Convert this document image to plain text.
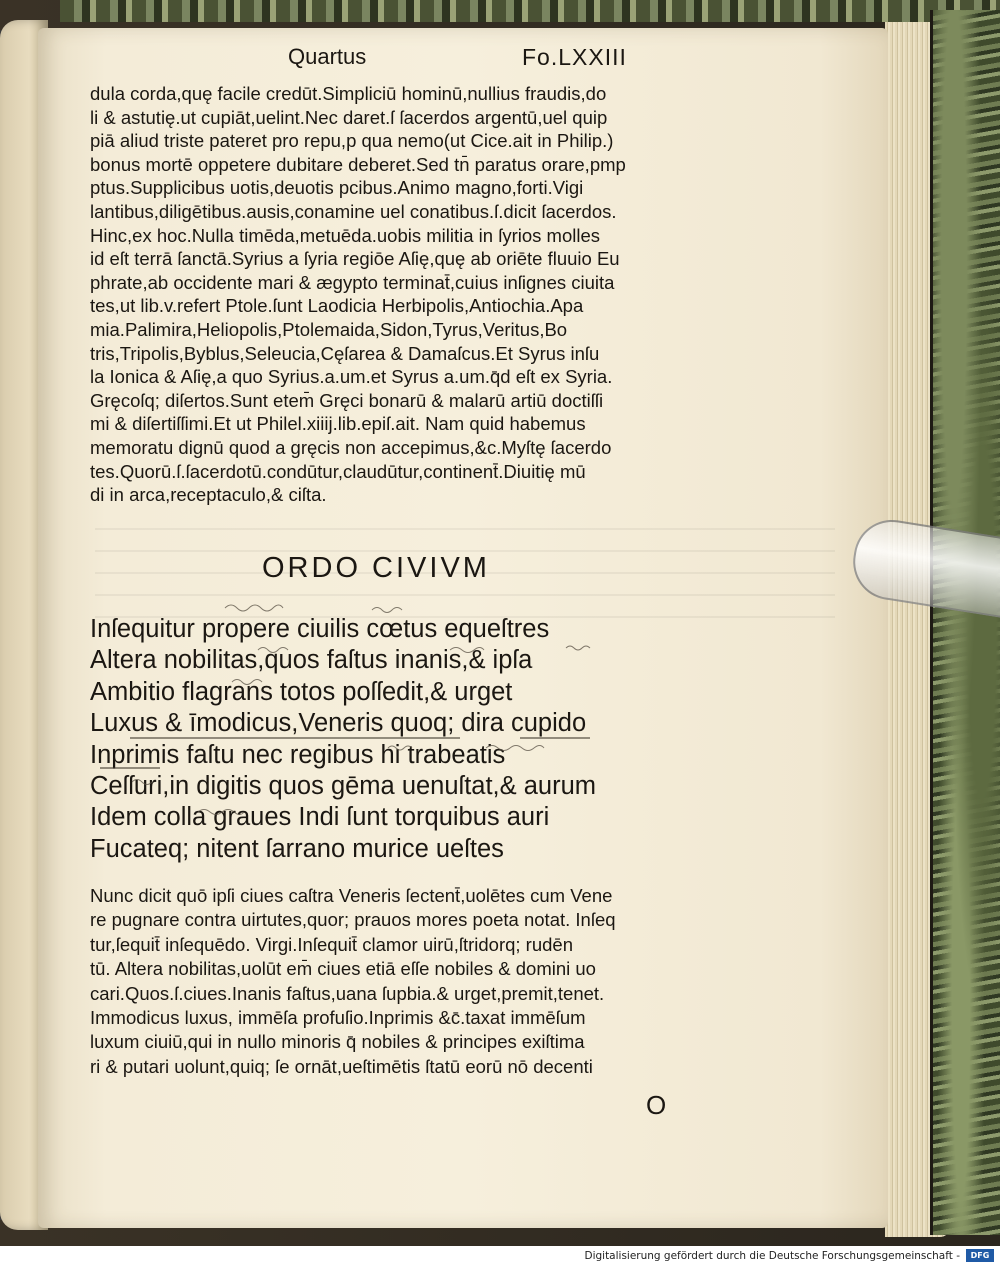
Quartus	Fo.LXXIII
dula corda,quę facile credūt.Simpliciū hominū,nullius fraudis,do
li & astutię.ut cupiāt,uelint.Nec daret.ſ ſacerdos argentū,uel quip
piā aliud triste pateret pro repu,p qua nemo(ut Cice.ait in Philip.)
bonus mortē oppetere dubitare deberet.Sed tn̄ paratus orare,pmp
ptus.Supplicibus uotis,deuotis pcibus.Animo magno,forti.Vigi
lantibus,diligētibus.ausis,conamine uel conatibus.ſ.dicit ſacerdos.
Hinc,ex hoc.Nulla timēda,metuēda.uobis militia in ſyrios molles
id eſt terrā ſanctā.Syrius a ſyria regiōe Aſię,quę ab oriēte fluuio Eu
phrate,ab occidente mari & ægypto terminat̄,cuius inſignes ciuita
tes,ut lib.v.refert Ptole.ſunt Laodicia Herbipolis,Antiochia.Apa
mia.Palimira,Heliopolis,Ptolemaida,Sidon,Tyrus,Veritus,Bo
tris,Tripolis,Byblus,Seleucia,Cęſarea & Damaſcus.Et Syrus inſu
la Ionica & Aſię,a quo Syrius.a.um.et Syrus a.um.q̄d eſt ex Syria.
Gręcoſq; diſertos.Sunt etem̄ Gręci bonarū & malarū artiū doctiſſi
mi & diſertiſſimi.Et ut Philel.xiiij.lib.epiſ.ait. Nam quid habemus
memoratu dignū quod a gręcis non accepimus,&c.Myſtę ſacerdo
tes.Quorū.ſ.ſacerdotū.condūtur,claudūtur,continent̄.Diuitię mū
di in arca,receptaculo,& ciſta.
ORDO CIVIVM
Inſequitur propere ciuilis cœtus equeſtres
Altera nobilitas,quos faſtus inanis,& ipſa
Ambitio flagrans totos poſſedit,& urget
Luxus & īmodicus,Veneris quoq; dira cupido
Inprimis faſtu nec regibus hi trabeatis
Ceſſuri,in digitis quos gēma uenuſtat,& aurum
Idem colla graues Indi ſunt torquibus auri
Fucateq; nitent ſarrano murice ueſtes
Nunc dicit quō ipſi ciues caſtra Veneris ſectent̄,uolētes cum Vene
re pugnare contra uirtutes,quor; prauos mores poeta notat. Inſeq
tur,ſequit̄ inſequēdo. Virgi.Inſequit̄ clamor uirū,ſtridorq; rudēn
tū. Altera nobilitas,uolūt em̄ ciues etiā eſſe nobiles & domini uo
cari.Quos.ſ.ciues.Inanis faſtus,uana ſupbia.& urget,premit,tenet.
Immodicus luxus, immēſa profuſio.Inprimis &c̄.taxat immēſum
luxum ciuiū,qui in nullo minoris q̄ nobiles & principes exiſtima
ri & putari uolunt,quiq; ſe ornāt,ueſtimētis ſtatū eorū nō decenti
O
Digitalisierung gefördert durch die Deutsche Forschungsgemeinschaft -	DFG
